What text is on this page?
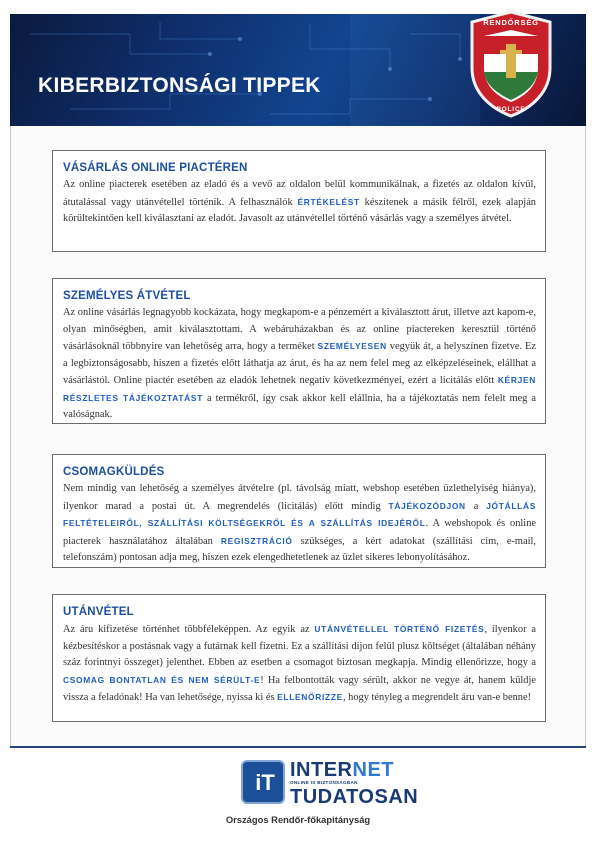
KIBERBIZTONSÁGI TIPPEK
RENDŐRSÉG
POLICE
VÁSÁRLÁS ONLINE PIACTÉREN

Az online piacterek esetében az eladó és a vevő az oldalon belül kommunikálnak, a fizetés az oldalon kívül, átutalással vagy utánvétellel történik. A felhasználók ÉRTÉKELÉST készítenek a másik félről, ezek alapján körültekintően kell kiválasztani az eladót. Javasolt az utánvétellel történő vásárlás vagy a személyes átvétel.

SZEMÉLYES ÁTVÉTEL

Az online vásárlás legnagyobb kockázata, hogy megkapom-e a pénzemért a kiválasztott árut, illetve azt kapom-e, olyan minőségben, amit kiválasztottam. A webáruházakban és az online piactereken keresztül történő vásárlásoknál többnyire van lehetőség arra, hogy a terméket SZEMÉLYESEN vegyük át, a helyszínen fizetve. Ez a legbiztonságosabb, hiszen a fizetés előtt láthatja az árut, és ha az nem felel meg az elképzeléseinek, elállhat a vásárlástól. Online piactér esetében az eladók lehetnek negatív következményei, ezért a licitálás előtt KÉRJEN RÉSZLETES TÁJÉKOZTATÁST a termékről, így csak akkor kell elállnia, ha a tájékoztatás nem felelt meg a valóságnak.

CSOMAGKÜLDÉS

Nem mindig van lehetőség a személyes átvételre (pl. távolság miatt, webshop esetében üzlethelyiség hiánya), ilyenkor marad a postai út. A megrendelés (licitálás) előtt mindig TÁJÉKOZÓDJON a JÓTÁLLÁS FELTÉTELEIRŐL, SZÁLLÍTÁSI KÖLTSÉGEKRŐL ÉS A SZÁLLÍTÁS IDEJÉRŐL. A webshopok és online piacterek használatához általában REGISZTRÁCIÓ szükséges, a kért adatokat (szállítási cím, e-mail, telefonszám) pontosan adja meg, hiszen ezek elengedhetetlenek az üzlet sikeres lebonyolításához.

UTÁNVÉTEL

Az áru kifizetése történhet többféleképpen. Az egyik az UTÁNVÉTELLEL TÖRTÉNŐ FIZETÉS, ilyenkor a kézbesítéskor a postásnak vagy a futárnak kell fizetni. Ez a szállítási díjon felül plusz költséget (általában néhány száz forintnyi összeget) jelenthet. Ebben az esetben a csomagot biztosan megkapja. Mindig ellenőrizze, hogy a CSOMAG BONTATLAN ÉS NEM SÉRÜLT-E! Ha felbontották vagy sérült, akkor ne vegye át, hanem küldje vissza a feladónak! Ha van lehetősége, nyissa ki és ELLENŐRIZZE, hogy tényleg a megrendelt áru van-e benne!

iT INTERNET
ONLINE IS BIZTONSÁGBAN
TUDATOSAN
Országos Rendőr-főkapitányság
